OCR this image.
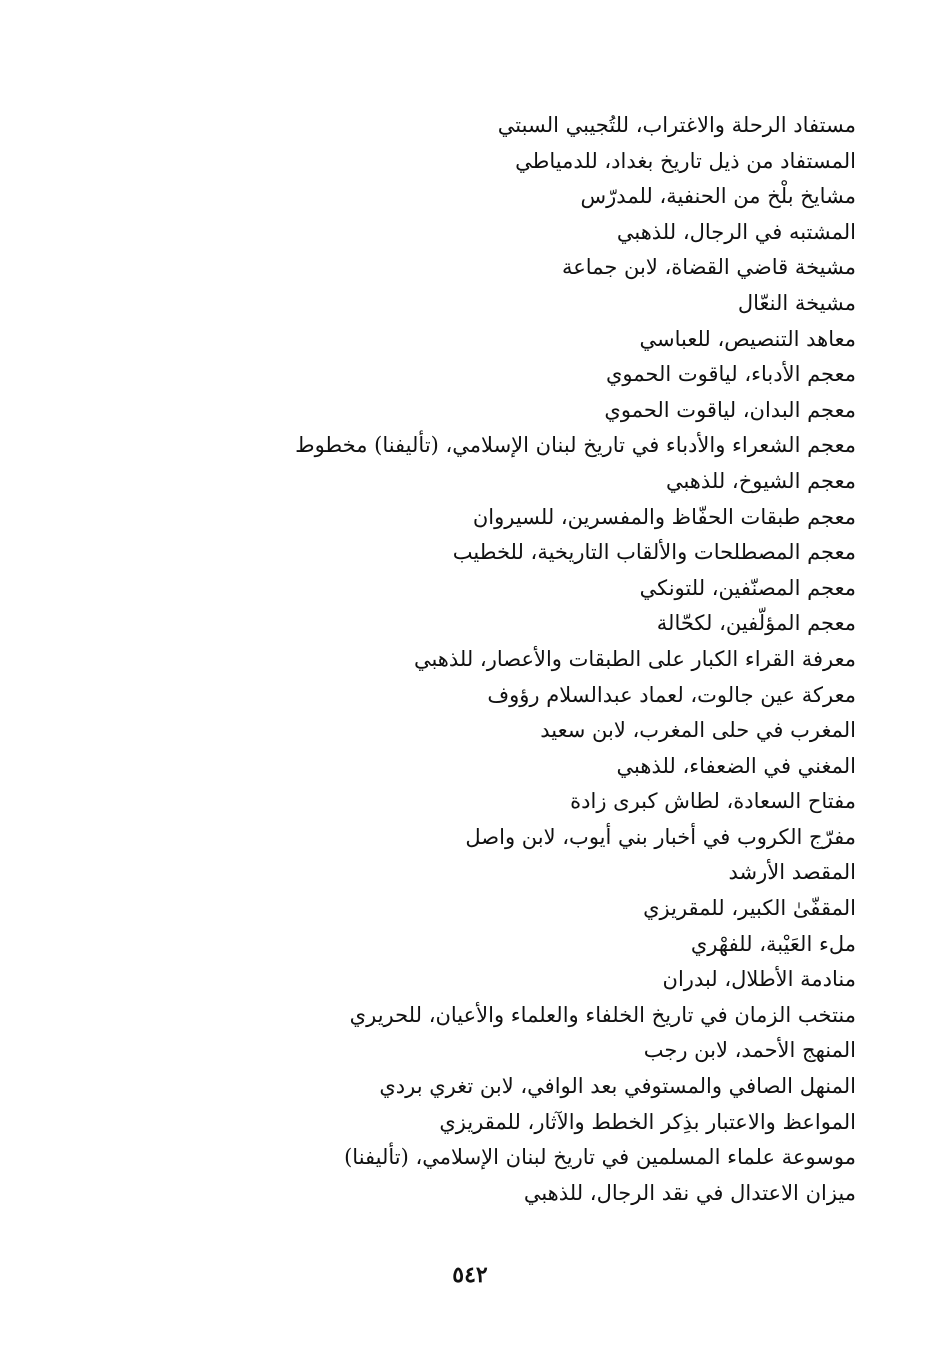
مستفاد الرحلة والاغتراب، للتُجيبي السبتي
المستفاد من ذيل تاريخ بغداد، للدمياطي
مشايخ بلْخ من الحنفية، للمدرّس
المشتبه في الرجال، للذهبي
مشيخة قاضي القضاة، لابن جماعة
مشيخة النعّال
معاهد التنصيص، للعباسي
معجم الأدباء، لياقوت الحموي
معجم البدان، لياقوت الحموي
معجم الشعراء والأدباء في تاريخ لبنان الإسلامي، (تأليفنا) مخطوط
معجم الشيوخ، للذهبي
معجم طبقات الحفّاظ والمفسرين، للسيروان
معجم المصطلحات والألقاب التاريخية، للخطيب
معجم المصنّفين، للتونكي
معجم المؤلّفين، لكحّالة
معرفة القراء الكبار على الطبقات والأعصار، للذهبي
معركة عين جالوت، لعماد عبدالسلام رؤوف
المغرب في حلى المغرب، لابن سعيد
المغني في الضعفاء، للذهبي
مفتاح السعادة، لطاش كبرى زادة
مفرّج الكروب في أخبار بني أيوب، لابن واصل
المقصد الأرشد
المقفّىٰ الكبير، للمقريزي
ملء العَيْبة، للفهْري
منادمة الأطلال، لبدران
منتخب الزمان في تاريخ الخلفاء والعلماء والأعيان، للحريري
المنهج الأحمد، لابن رجب
المنهل الصافي والمستوفي بعد الوافي، لابن تغري بردي
المواعظ والاعتبار بذِكر الخطط والآثار، للمقريزي
موسوعة علماء المسلمين في تاريخ لبنان الإسلامي، (تأليفنا)
ميزان الاعتدال في نقد الرجال، للذهبي
٥٤٢
